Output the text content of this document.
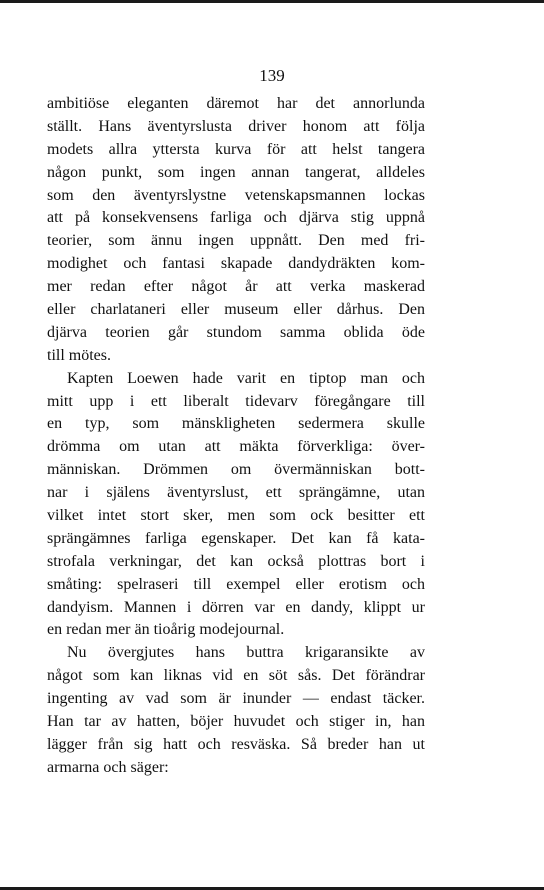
139
ambitiöse eleganten däremot har det annorlunda
ställt. Hans äventyrslusta driver honom att följa
modets allra yttersta kurva för att helst tangera
någon punkt, som ingen annan tangerat, alldeles
som den äventyrslystne vetenskapsmannen lockas
att på konsekvensens farliga och djärva stig uppnå
teorier, som ännu ingen uppnått. Den med fri-
modighet och fantasi skapade dandydräkten kom-
mer redan efter något år att verka maskerad
eller charlataneri eller museum eller dårhus. Den
djärva teorien går stundom samma oblida öde
till mötes.
Kapten Loewen hade varit en tiptop man och
mitt upp i ett liberalt tidevarv föregångare till
en typ, som mänskligheten sedermera skulle
drömma om utan att mäkta förverkliga: över-
människan. Drömmen om övermänniskan bott-
nar i själens äventyrslust, ett sprängämne, utan
vilket intet stort sker, men som ock besitter ett
sprängämnes farliga egenskaper. Det kan få kata-
strofala verkningar, det kan också plottras bort i
småting: spelraseri till exempel eller erotism och
dandyism. Mannen i dörren var en dandy, klippt ur
en redan mer än tioårig modejournal.
Nu övergjutes hans buttra krigaransikte av
något som kan liknas vid en söt sås. Det förändrar
ingenting av vad som är inunder — endast täcker.
Han tar av hatten, böjer huvudet och stiger in, han
lägger från sig hatt och resväska. Så breder han ut
armarna och säger:
